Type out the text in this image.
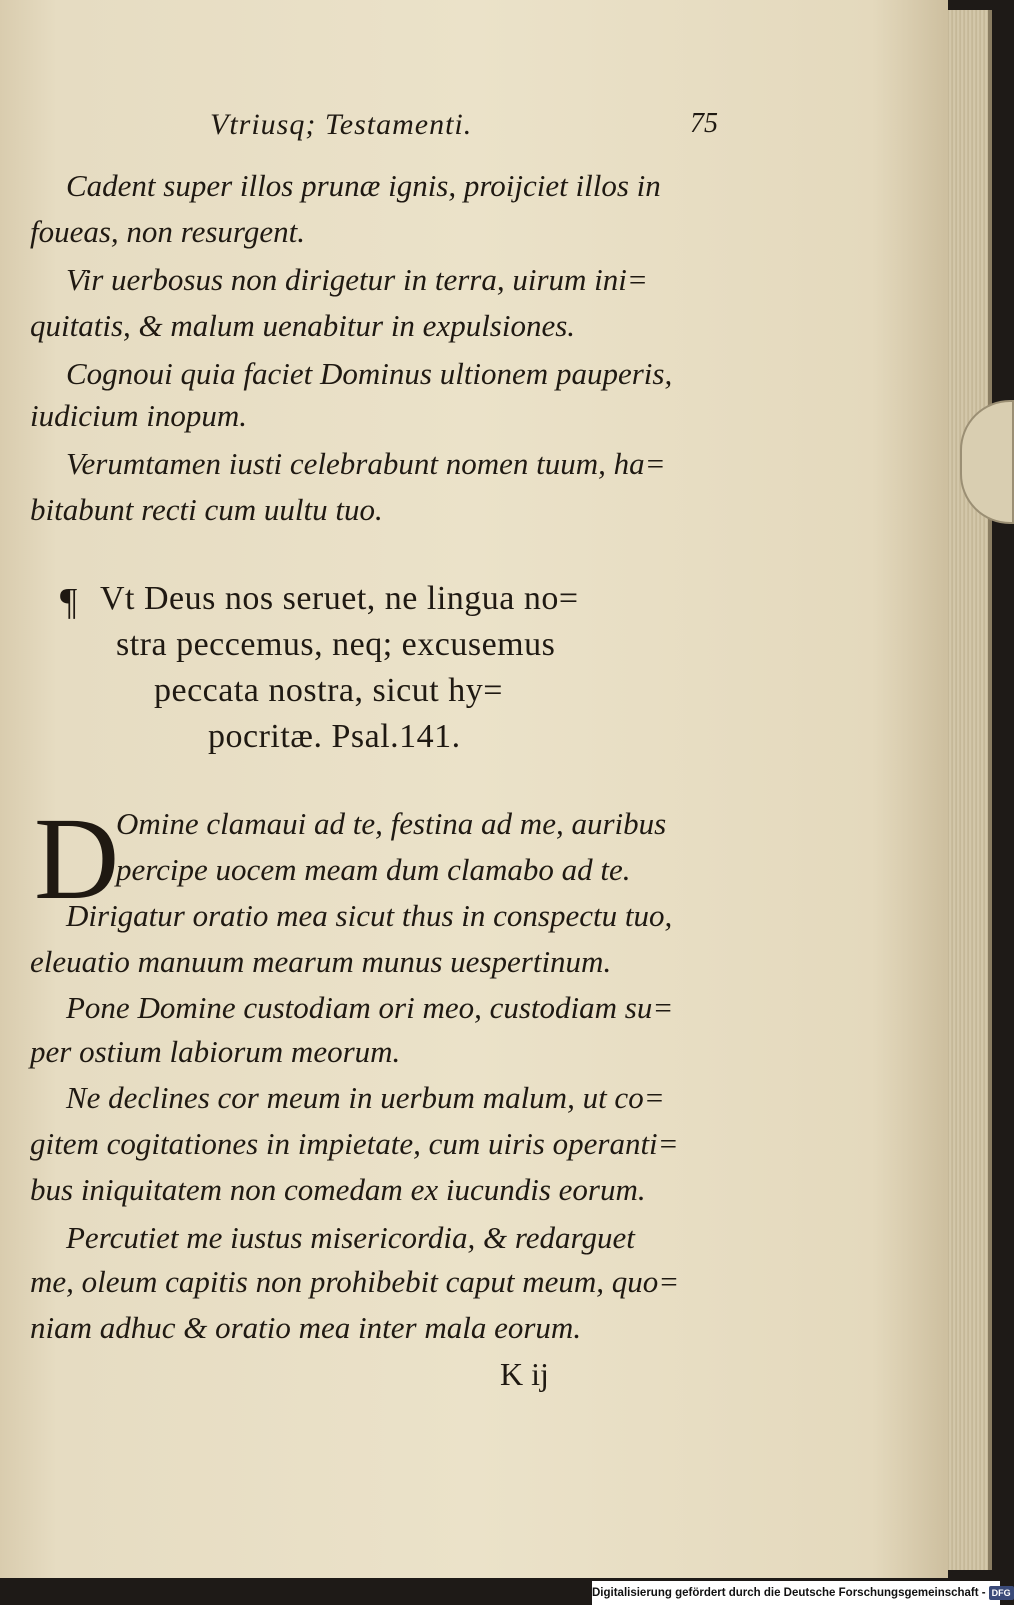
Vtriusq; Testamenti.	75
Cadent super illos prunæ ignis, proijciet illos in
foueas, non resurgent.
Vir uerbosus non dirigetur in terra, uirum ini=
quitatis, & malum uenabitur in expulsiones.
Cognoui quia faciet Dominus ultionem pauperis,
iudicium inopum.
Verumtamen iusti celebrabunt nomen tuum, ha=
bitabunt recti cum uultu tuo.
¶ Vt Deus nos seruet, ne lingua no=
stra peccemus, neq; excusemus
peccata nostra, sicut hy=
pocritæ. Psal.141.
D
Omine clamaui ad te, festina ad me, auribus
percipe uocem meam dum clamabo ad te.
Dirigatur oratio mea sicut thus in conspectu tuo,
eleuatio manuum mearum munus uespertinum.
Pone Domine custodiam ori meo, custodiam su=
per ostium labiorum meorum.
Ne declines cor meum in uerbum malum, ut co=
gitem cogitationes in impietate, cum uiris operanti=
bus iniquitatem non comedam ex iucundis eorum.
Percutiet me iustus misericordia, & redarguet
me, oleum capitis non prohibebit caput meum, quo=
niam adhuc & oratio mea inter mala eorum.
K ij
Digitalisierung gefördert durch die Deutsche Forschungsgemeinschaft - DFG
